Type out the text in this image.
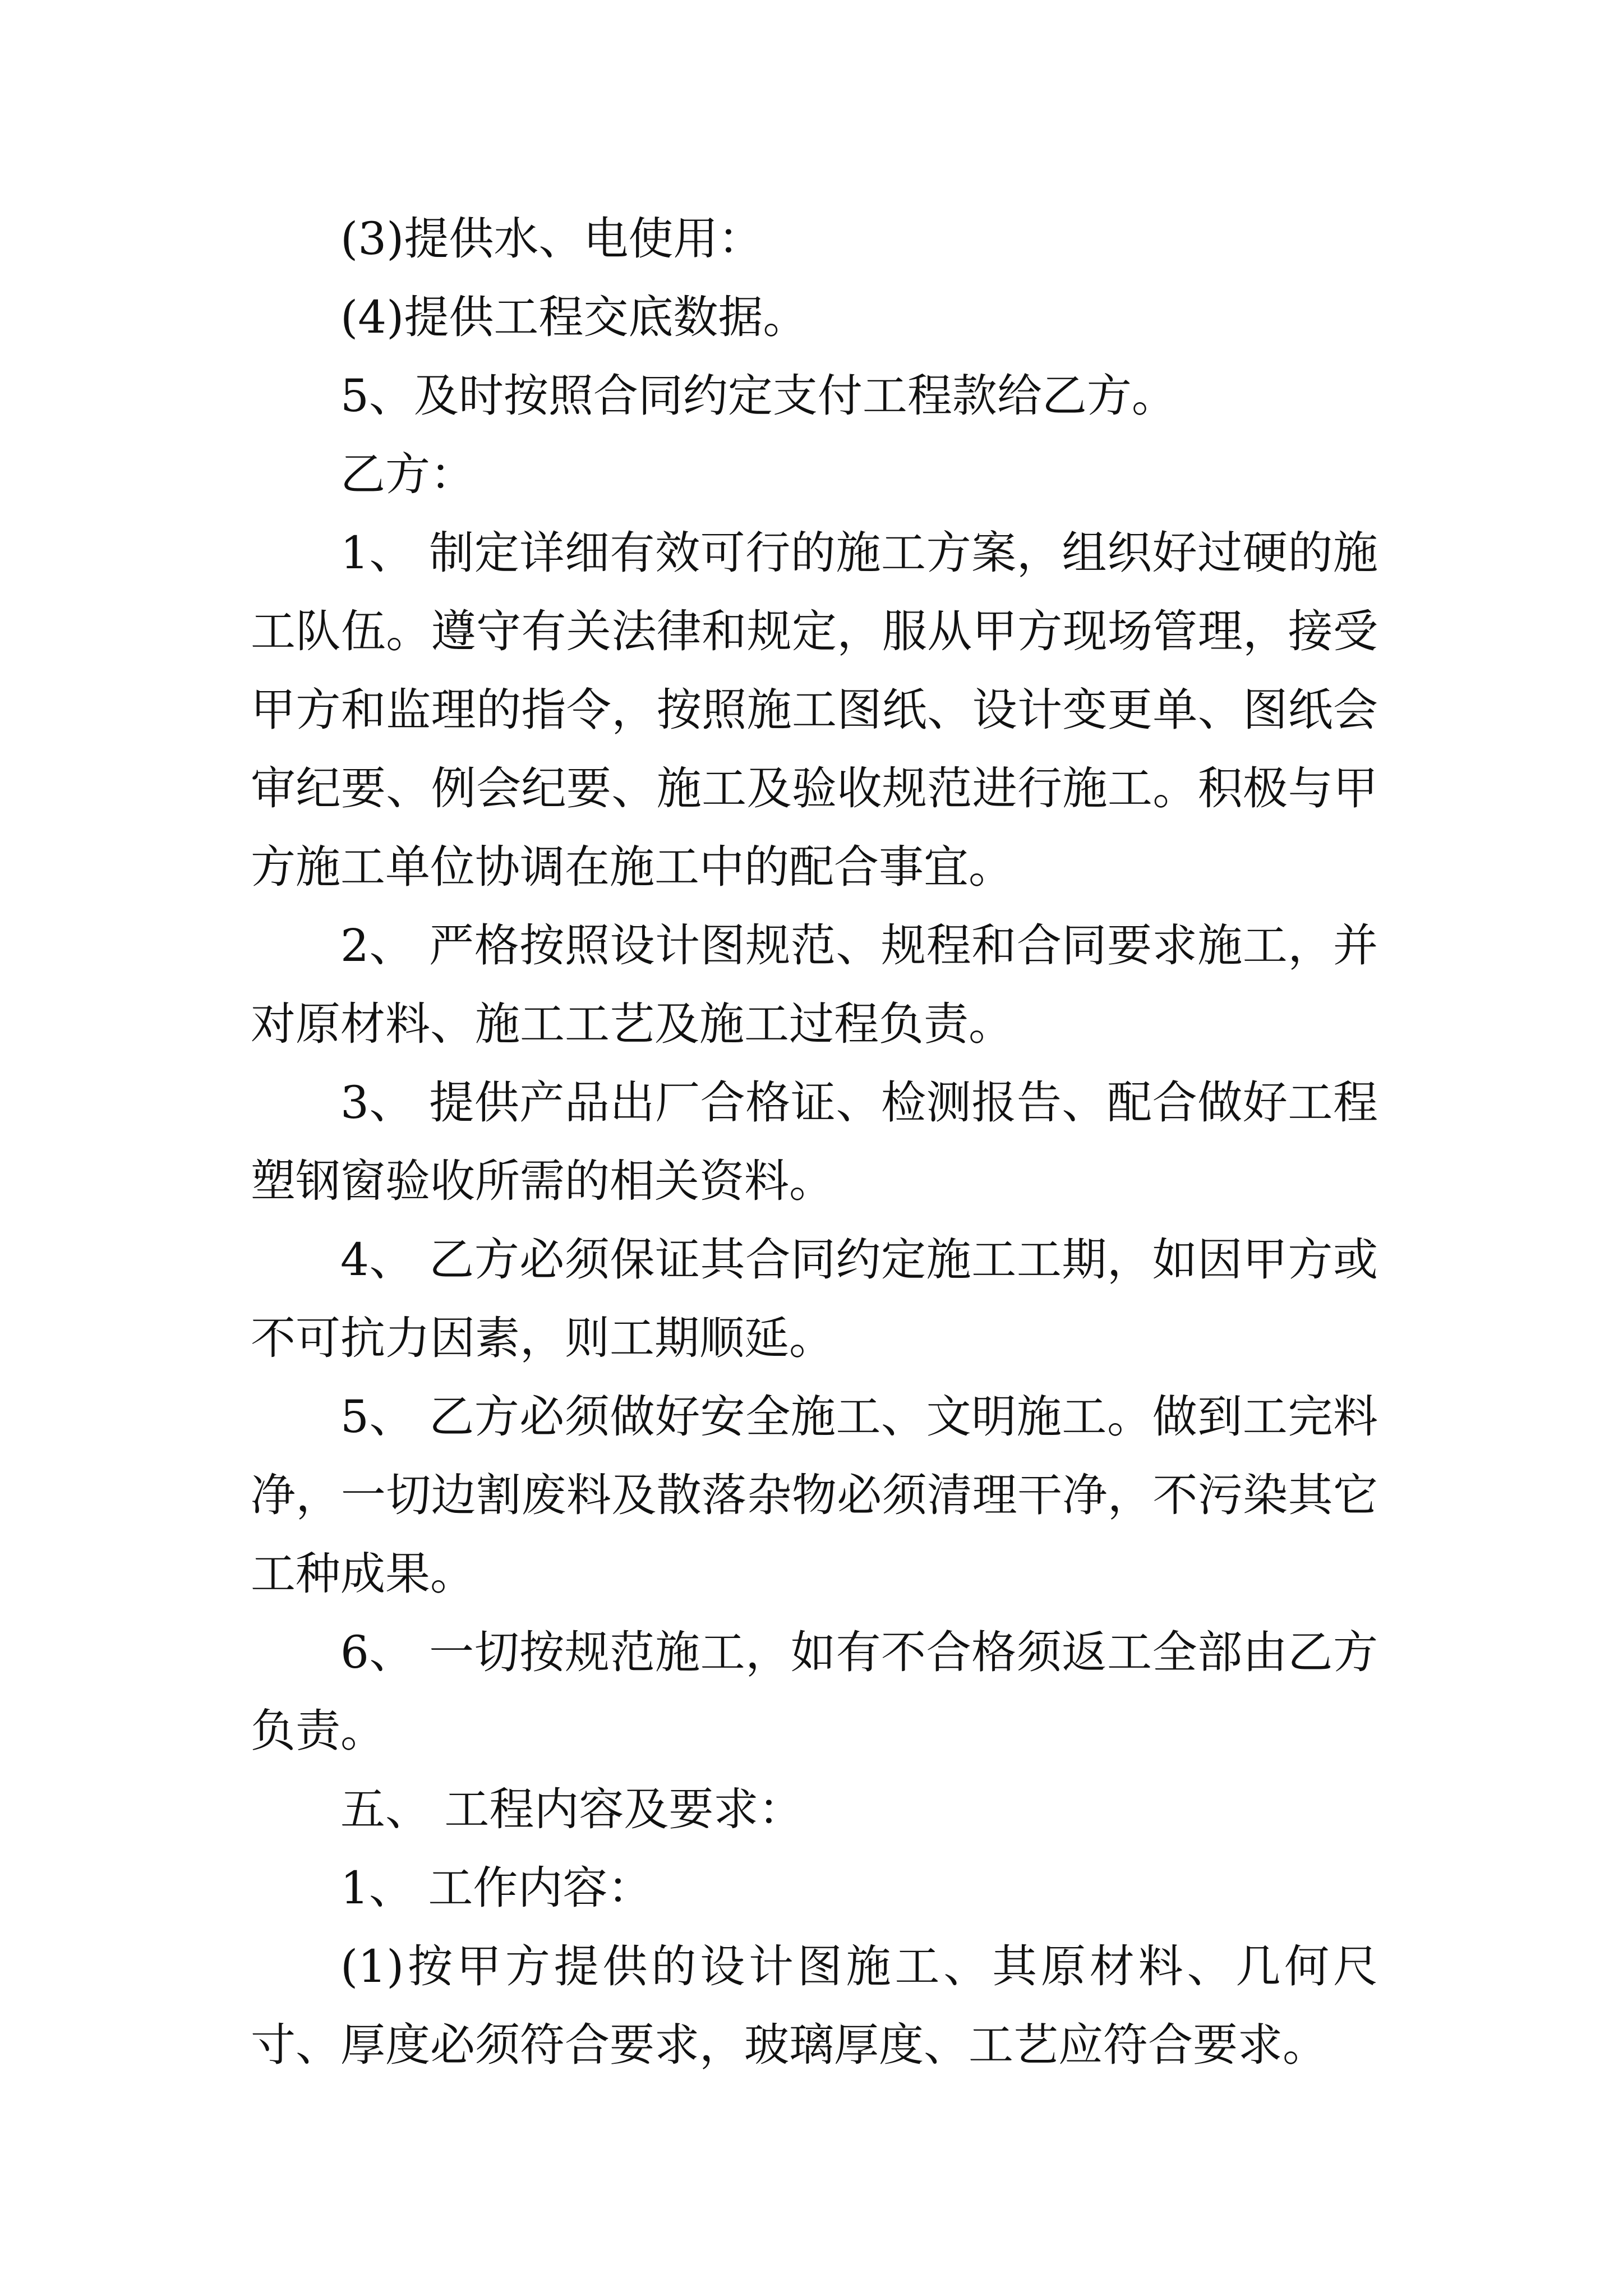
(3)提供水、电使用：

(4)提供工程交底数据。

5、及时按照合同约定支付工程款给乙方。

乙方：

1、 制定详细有效可行的施工方案，组织好过硬的施工队伍。遵守有关法律和规定，服从甲方现场管理，接受甲方和监理的指令，按照施工图纸、设计变更单、图纸会审纪要、例会纪要、施工及验收规范进行施工。积极与甲方施工单位协调在施工中的配合事宜。

2、 严格按照设计图规范、规程和合同要求施工，并对原材料、施工工艺及施工过程负责。

3、 提供产品出厂合格证、检测报告、配合做好工程塑钢窗验收所需的相关资料。

4、 乙方必须保证其合同约定施工工期，如因甲方或不可抗力因素，则工期顺延。

5、 乙方必须做好安全施工、文明施工。做到工完料净，一切边割废料及散落杂物必须清理干净，不污染其它工种成果。

6、 一切按规范施工，如有不合格须返工全部由乙方负责。

五、 工程内容及要求：

1、 工作内容：

(1)按甲方提供的设计图施工、其原材料、几何尺寸、厚度必须符合要求，玻璃厚度、工艺应符合要求。
